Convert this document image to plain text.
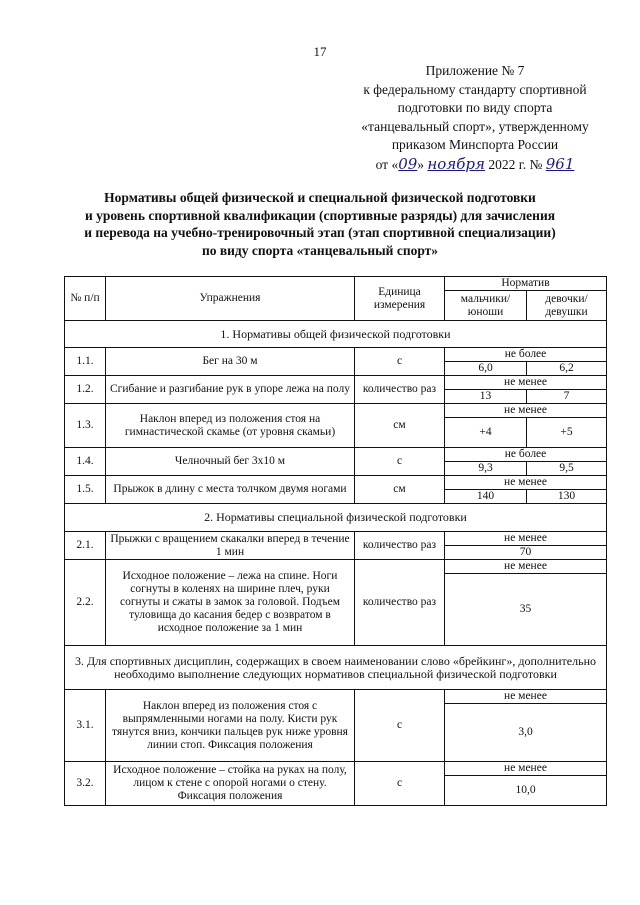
17
Приложение № 7
к федеральному стандарту спортивной
подготовки по виду спорта
«танцевальный спорт», утвержденному
приказом Минспорта России
от «09» ноября 2022 г. № 961
Нормативы общей физической и специальной физической подготовки
и уровень спортивной квалификации (спортивные разряды) для зачисления
и перевода на учебно-тренировочный этап (этап спортивной специализации)
по виду спорта «танцевальный спорт»
№ п/п	Упражнения	Единица измерения	Норматив	
			мальчики/ юноши	девочки/ девушки
1. Нормативы общей физической подготовки				
1.1.	Бег на 30 м	с	не более	
			6,0	6,2
1.2.	Сгибание и разгибание рук в упоре лежа на полу	количество раз	не менее	
			13	7
1.3.	Наклон вперед из положения стоя на гимнастической скамье (от уровня скамьи)	см	не менее	
			+4	+5
1.4.	Челночный бег 3x10 м	с	не более	
			9,3	9,5
1.5.	Прыжок в длину с места толчком двумя ногами	см	не менее	
			140	130
2. Нормативы специальной физической подготовки				
2.1.	Прыжки с вращением скакалки вперед в течение 1 мин	количество раз	не менее	
			70	
2.2.	Исходное положение – лежа на спине. Ноги согнуты в коленях на ширине плеч, руки согнуты и сжаты в замок за головой. Подъем туловища до касания бедер с возвратом в исходное положение за 1 мин	количество раз	не менее	
			35	
3. Для спортивных дисциплин, содержащих в своем наименовании слово «брейкинг», дополнительно необходимо выполнение следующих нормативов специальной физической подготовки				
3.1.	Наклон вперед из положения стоя с выпрямленными ногами на полу. Кисти рук тянутся вниз, кончики пальцев рук ниже уровня линии стоп. Фиксация положения	с	не менее	
			3,0	
3.2.	Исходное положение – стойка на руках на полу, лицом к стене с опорой ногами о стену. Фиксация положения	с	не менее	
			10,0	
